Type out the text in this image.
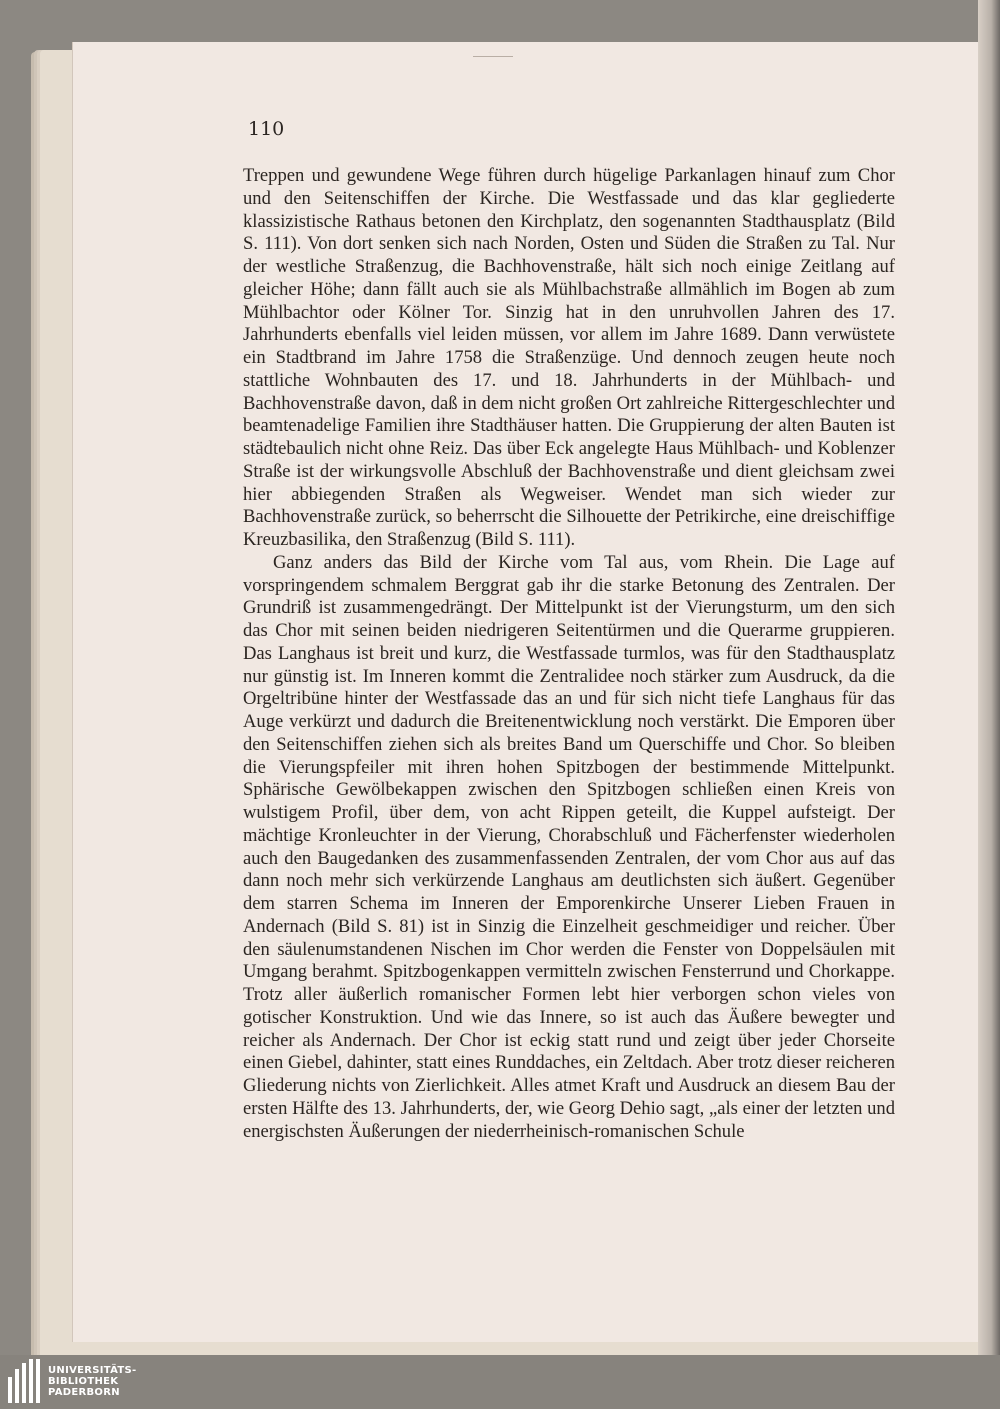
110

Treppen und gewundene Wege führen durch hügelige Parkanlagen hinauf zum Chor und den Seitenschiffen der Kirche. Die Westfassade und das klar gegliederte klassizistische Rathaus betonen den Kirchplatz, den sogenannten Stadthausplatz (Bild S. 111). Von dort senken sich nach Norden, Osten und Süden die Straßen zu Tal. Nur der westliche Straßenzug, die Bachhovenstraße, hält sich noch einige Zeitlang auf gleicher Höhe; dann fällt auch sie als Mühlbachstraße allmählich im Bogen ab zum Mühlbachtor oder Kölner Tor. Sinzig hat in den unruhvollen Jahren des 17. Jahrhunderts ebenfalls viel leiden müssen, vor allem im Jahre 1689. Dann verwüstete ein Stadtbrand im Jahre 1758 die Straßenzüge. Und dennoch zeugen heute noch stattliche Wohnbauten des 17. und 18. Jahrhunderts in der Mühlbach- und Bachhovenstraße davon, daß in dem nicht großen Ort zahlreiche Rittergeschlechter und beamtenadelige Familien ihre Stadthäuser hatten. Die Gruppierung der alten Bauten ist städtebaulich nicht ohne Reiz. Das über Eck angelegte Haus Mühlbach- und Koblenzer Straße ist der wirkungsvolle Abschluß der Bachhovenstraße und dient gleichsam zwei hier abbiegenden Straßen als Wegweiser. Wendet man sich wieder zur Bachhovenstraße zurück, so beherrscht die Silhouette der Petrikirche, eine dreischiffige Kreuzbasilika, den Straßenzug (Bild S. 111).

Ganz anders das Bild der Kirche vom Tal aus, vom Rhein. Die Lage auf vorspringendem schmalem Berggrat gab ihr die starke Betonung des Zentralen. Der Grundriß ist zusammengedrängt. Der Mittelpunkt ist der Vierungsturm, um den sich das Chor mit seinen beiden niedrigeren Seitentürmen und die Querarme gruppieren. Das Langhaus ist breit und kurz, die Westfassade turmlos, was für den Stadthausplatz nur günstig ist. Im Inneren kommt die Zentralidee noch stärker zum Ausdruck, da die Orgeltribüne hinter der Westfassade das an und für sich nicht tiefe Langhaus für das Auge verkürzt und dadurch die Breitenentwicklung noch verstärkt. Die Emporen über den Seitenschiffen ziehen sich als breites Band um Querschiffe und Chor. So bleiben die Vierungspfeiler mit ihren hohen Spitzbogen der bestimmende Mittelpunkt. Sphärische Gewölbekappen zwischen den Spitzbogen schließen einen Kreis von wulstigem Profil, über dem, von acht Rippen geteilt, die Kuppel aufsteigt. Der mächtige Kronleuchter in der Vierung, Chorabschluß und Fächerfenster wiederholen auch den Baugedanken des zusammenfassenden Zentralen, der vom Chor aus auf das dann noch mehr sich verkürzende Langhaus am deutlichsten sich äußert. Gegenüber dem starren Schema im Inneren der Emporenkirche Unserer Lieben Frauen in Andernach (Bild S. 81) ist in Sinzig die Einzelheit geschmeidiger und reicher. Über den säulenumstandenen Nischen im Chor werden die Fenster von Doppelsäulen mit Umgang berahmt. Spitzbogenkappen vermitteln zwischen Fensterrund und Chorkappe. Trotz aller äußerlich romanischer Formen lebt hier verborgen schon vieles von gotischer Konstruktion. Und wie das Innere, so ist auch das Äußere bewegter und reicher als Andernach. Der Chor ist eckig statt rund und zeigt über jeder Chorseite einen Giebel, dahinter, statt eines Runddaches, ein Zeltdach. Aber trotz dieser reicheren Gliederung nichts von Zierlichkeit. Alles atmet Kraft und Ausdruck an diesem Bau der ersten Hälfte des 13. Jahrhunderts, der, wie Georg Dehio sagt, „als einer der letzten und energischsten Äußerungen der niederrheinisch-romanischen Schule

UNIVERSITÄTS-
BIBLIOTHEK
PADERBORN
